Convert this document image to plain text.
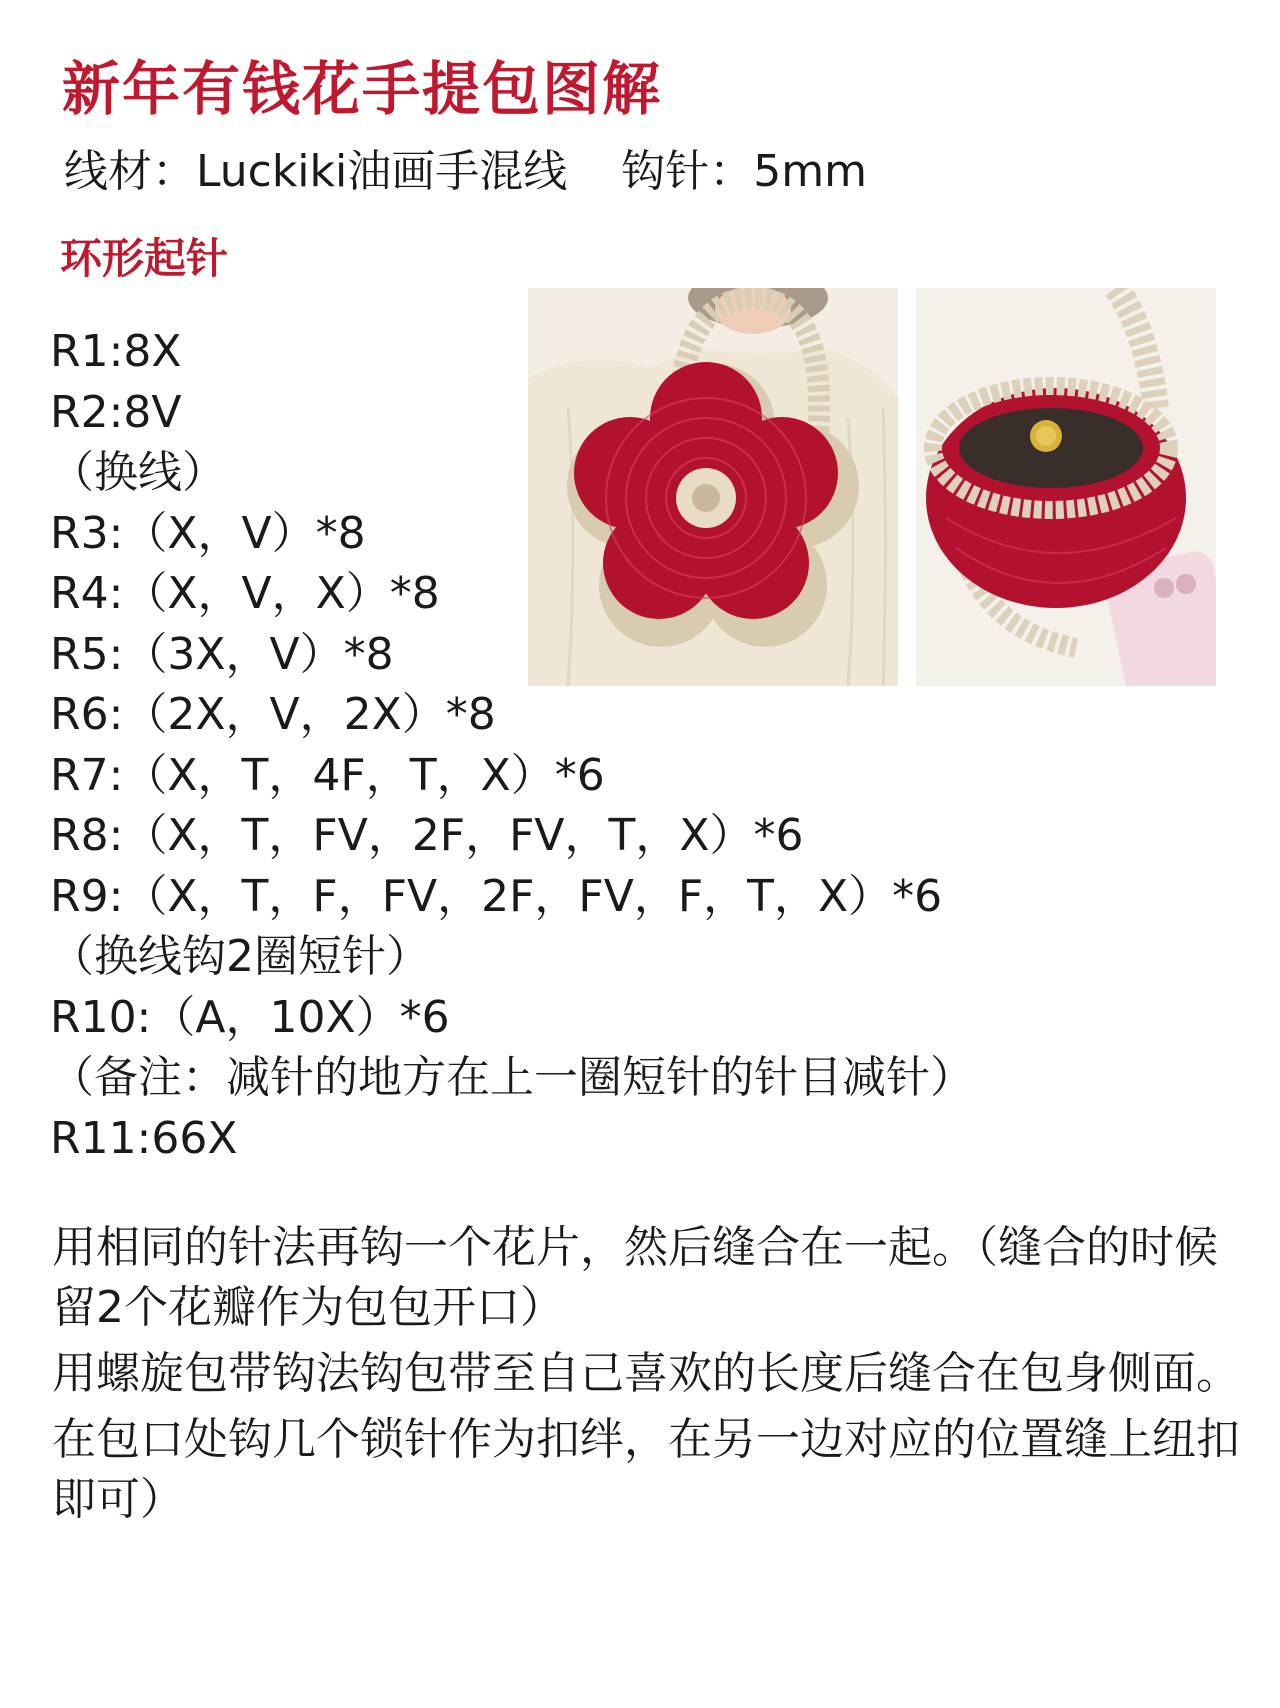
新年有钱花手提包图解
线材：Luckiki油画手混线 钩针：5mm
环形起针
R1:8X
R2:8V
（换线）
R3:（X，V）*8
R4:（X，V，X）*8
R5:（3X，V）*8
R6:（2X，V，2X）*8
R7:（X，T，4F，T，X）*6
R8:（X，T，FV，2F，FV，T，X）*6
R9:（X，T，F，FV，2F，FV，F，T，X）*6
（换线钩2圈短针）
R10:（A，10X）*6
（备注：减针的地方在上一圈短针的针目减针）
R11:66X

用相同的针法再钩一个花片，然后缝合在一起。（缝合的时候留2个花瓣作为包包开口）

用螺旋包带钩法钩包带至自己喜欢的长度后缝合在包身侧面。

在包口处钩几个锁针作为扣绊，在另一边对应的位置缝上纽扣即可）
